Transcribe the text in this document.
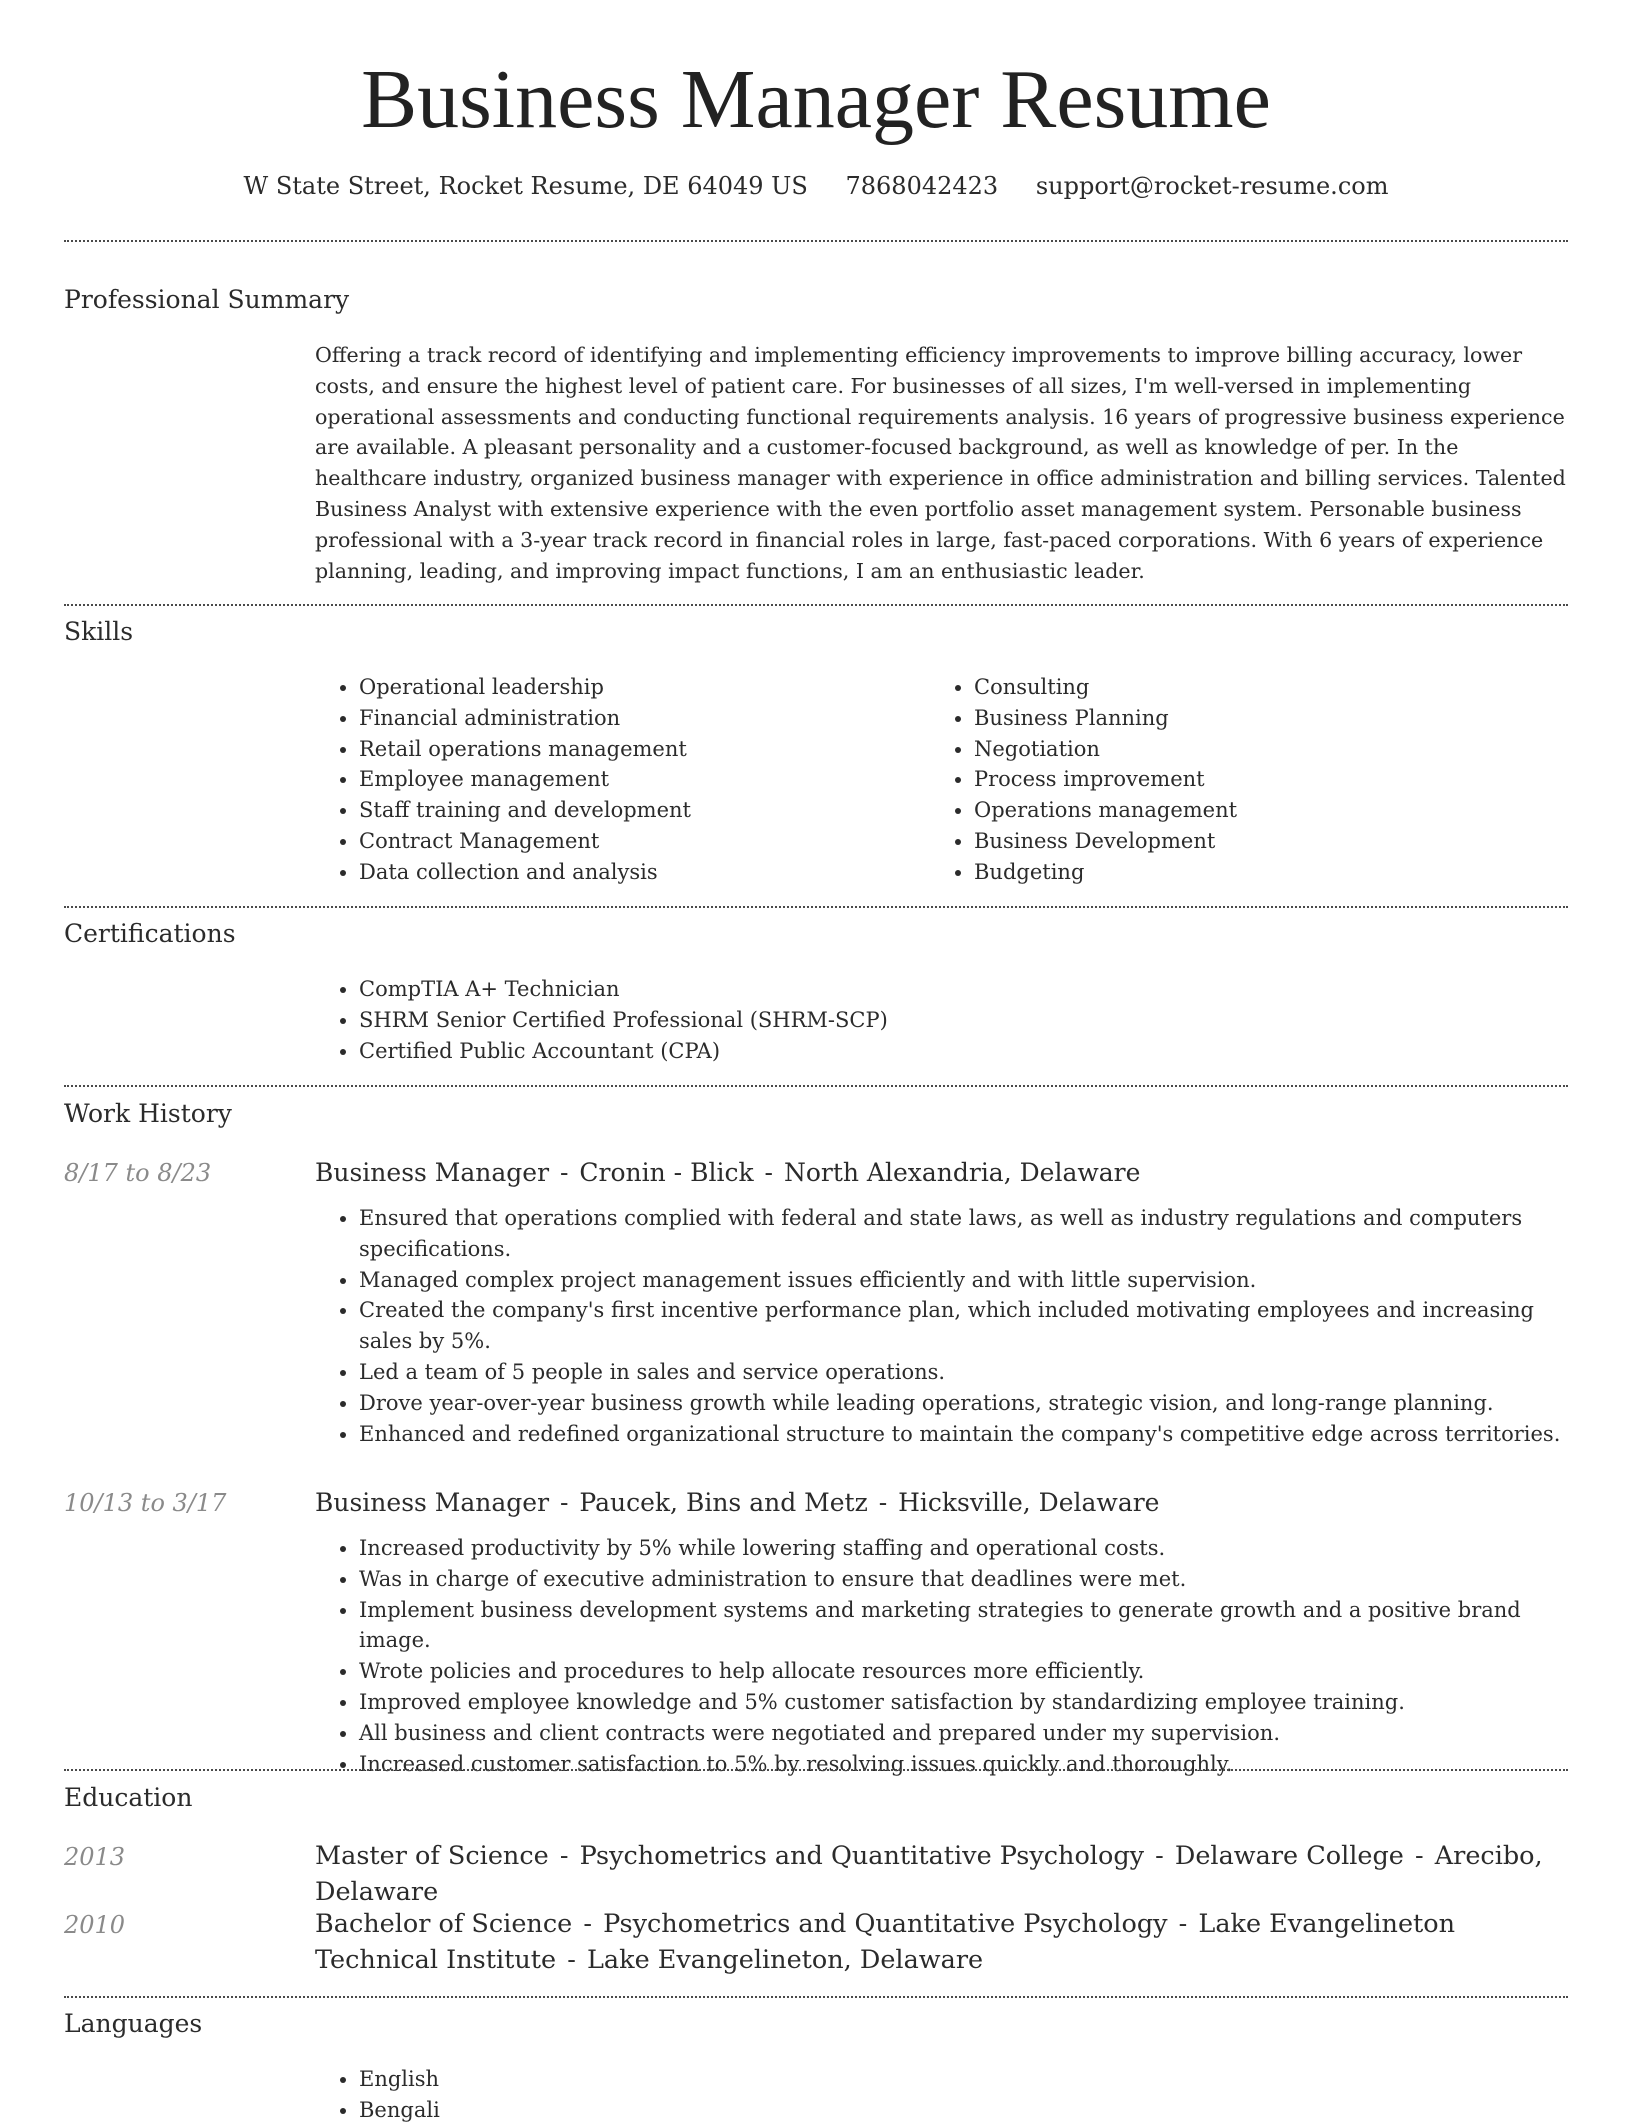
Business Manager Resume
W State Street, Rocket Resume, DE 64049 US 7868042423 support@rocket-resume.com
Professional Summary

Offering a track record of identifying and implementing efficiency improvements to improve billing accuracy, lower costs, and ensure the highest level of patient care. For businesses of all sizes, I'm well-versed in implementing operational assessments and conducting functional requirements analysis. 16 years of progressive business experience are available. A pleasant personality and a customer-focused background, as well as knowledge of per. In the healthcare industry, organized business manager with experience in office administration and billing services. Talented Business Analyst with extensive experience with the even portfolio asset management system. Personable business professional with a 3-year track record in financial roles in large, fast-paced corporations. With 6 years of experience planning, leading, and improving impact functions, I am an enthusiastic leader.

Skills
• Operational leadership
• Financial administration
• Retail operations management
• Employee management
• Staff training and development
• Contract Management
• Data collection and analysis
• Consulting
• Business Planning
• Negotiation
• Process improvement
• Operations management
• Business Development
• Budgeting
Certifications
• CompTIA A+ Technician
• SHRM Senior Certified Professional (SHRM-SCP)
• Certified Public Accountant (CPA)
Work History
8/17 to 8/23	Business Manager - Cronin - Blick - North Alexandria, Delaware

• Ensured that operations complied with federal and state laws, as well as industry regulations and computers specifications.
• Managed complex project management issues efficiently and with little supervision.
• Created the company's first incentive performance plan, which included motivating employees and increasing sales by 5%.
• Led a team of 5 people in sales and service operations.
• Drove year-over-year business growth while leading operations, strategic vision, and long-range planning.
• Enhanced and redefined organizational structure to maintain the company's competitive edge across territories.
10/13 to 3/17	Business Manager - Paucek, Bins and Metz - Hicksville, Delaware

• Increased productivity by 5% while lowering staffing and operational costs.
• Was in charge of executive administration to ensure that deadlines were met.
• Implement business development systems and marketing strategies to generate growth and a positive brand image.
• Wrote policies and procedures to help allocate resources more efficiently.
• Improved employee knowledge and 5% customer satisfaction by standardizing employee training.
• All business and client contracts were negotiated and prepared under my supervision.
• Increased customer satisfaction to 5% by resolving issues quickly and thoroughly.
Education
2013	Master of Science - Psychometrics and Quantitative Psychology - Delaware College - Arecibo, Delaware

2010	Bachelor of Science - Psychometrics and Quantitative Psychology - Lake Evangelineton Technical Institute - Lake Evangelineton, Delaware

Languages
• English
• Bengali
